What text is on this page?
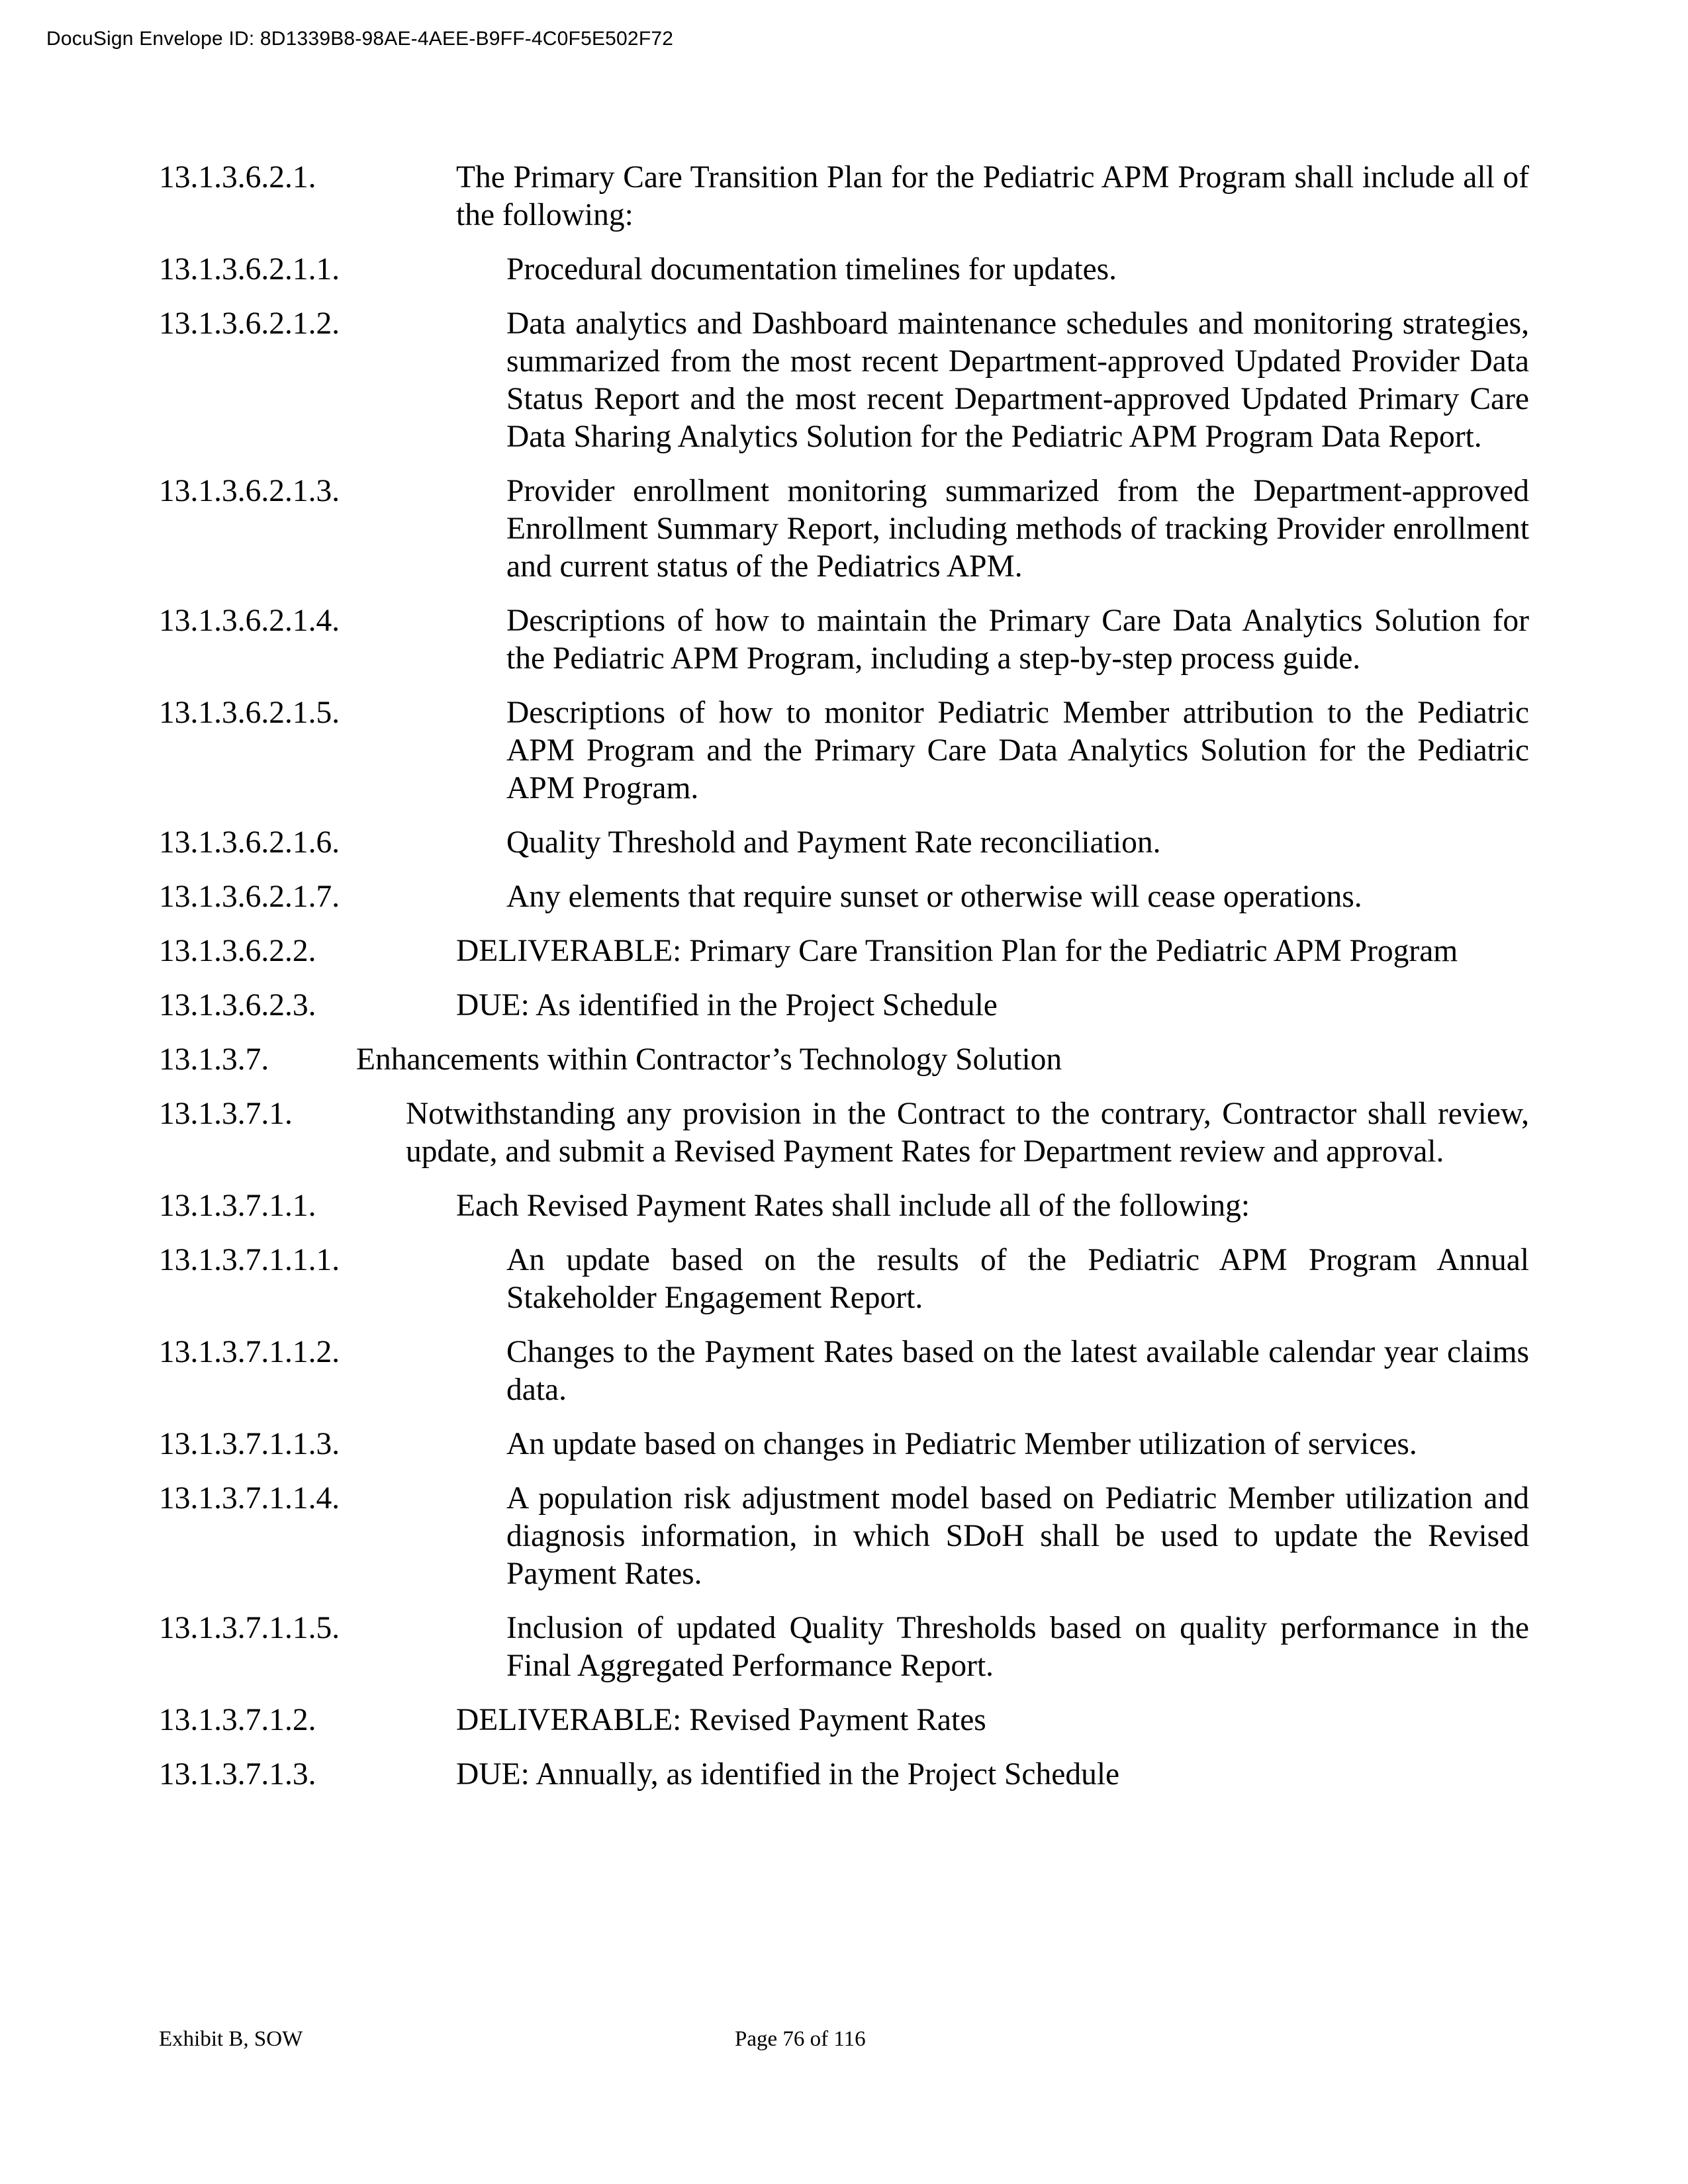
DocuSign Envelope ID: 8D1339B8-98AE-4AEE-B9FF-4C0F5E502F72
13.1.3.6.2.1.	The Primary Care Transition Plan for the Pediatric APM Program shall include all of the following:
13.1.3.6.2.1.1.	Procedural documentation timelines for updates.
13.1.3.6.2.1.2.	Data analytics and Dashboard maintenance schedules and monitoring strategies, summarized from the most recent Department-approved Updated Provider Data Status Report and the most recent Department-approved Updated Primary Care Data Sharing Analytics Solution for the Pediatric APM Program Data Report.
13.1.3.6.2.1.3.	Provider enrollment monitoring summarized from the Department-approved Enrollment Summary Report, including methods of tracking Provider enrollment and current status of the Pediatrics APM.
13.1.3.6.2.1.4.	Descriptions of how to maintain the Primary Care Data Analytics Solution for the Pediatric APM Program, including a step-by-step process guide.
13.1.3.6.2.1.5.	Descriptions of how to monitor Pediatric Member attribution to the Pediatric APM Program and the Primary Care Data Analytics Solution for the Pediatric APM Program.
13.1.3.6.2.1.6.	Quality Threshold and Payment Rate reconciliation.
13.1.3.6.2.1.7.	Any elements that require sunset or otherwise will cease operations.
13.1.3.6.2.2.	DELIVERABLE: Primary Care Transition Plan for the Pediatric APM Program
13.1.3.6.2.3.	DUE: As identified in the Project Schedule
13.1.3.7.	Enhancements within Contractor’s Technology Solution
13.1.3.7.1.	Notwithstanding any provision in the Contract to the contrary, Contractor shall review, update, and submit a Revised Payment Rates for Department review and approval.
13.1.3.7.1.1.	Each Revised Payment Rates shall include all of the following:
13.1.3.7.1.1.1.	An update based on the results of the Pediatric APM Program Annual Stakeholder Engagement Report.
13.1.3.7.1.1.2.	Changes to the Payment Rates based on the latest available calendar year claims data.
13.1.3.7.1.1.3.	An update based on changes in Pediatric Member utilization of services.
13.1.3.7.1.1.4.	A population risk adjustment model based on Pediatric Member utilization and diagnosis information, in which SDoH shall be used to update the Revised Payment Rates.
13.1.3.7.1.1.5.	Inclusion of updated Quality Thresholds based on quality performance in the Final Aggregated Performance Report.
13.1.3.7.1.2.	DELIVERABLE: Revised Payment Rates
13.1.3.7.1.3.	DUE: Annually, as identified in the Project Schedule
Exhibit B, SOW	Page 76 of 116
